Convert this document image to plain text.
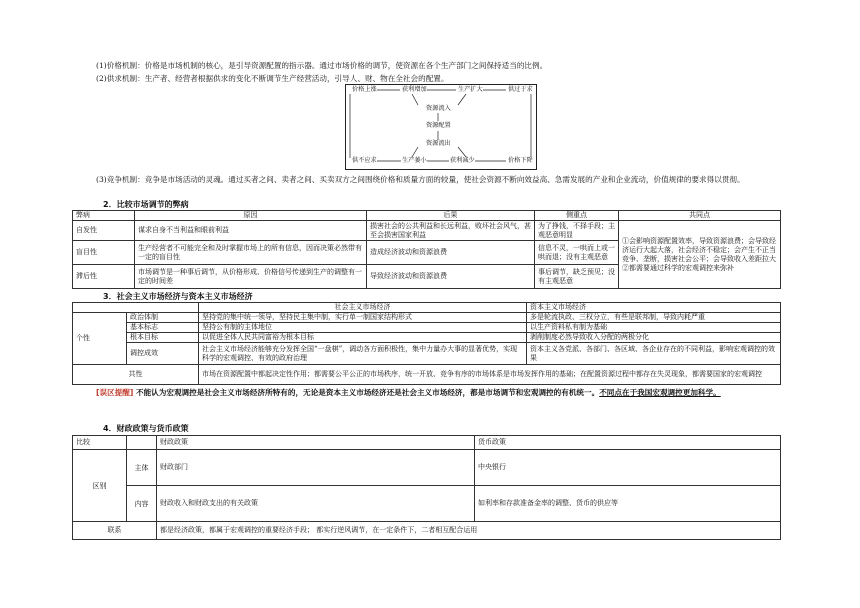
(1)价格机制：价格是市场机制的核心，是引导资源配置的指示器。通过市场价格的调节，使资源在各个生产部门之间保持适当的比例。
(2)供求机制：生产者、经营者根据供求的变化不断调节生产经营活动，引导人、财、物在全社会的配置。
价格上涨	获利增加	生产扩大	供过于求
资源流入
资源配置
资源流出
供不应求	生产萎小	获利减少	价格下降
(3)竞争机制：竞争是市场活动的灵魂。通过买者之间、卖者之间、买卖双方之间围绕价格和质量方面的较量，使社会资源不断向效益高、急需发展的产业和企业流动，价值规律的要求得以贯彻。
2．比较市场调节的弊病
弊病	原因	后果	侧重点	共同点
自发性	谋求自身不当利益和眼前利益	损害社会的公共利益和长远利益，败坏社会风气，甚至会损害国家利益	为了挣钱，不择手段；主观恶意明显	①会影响资源配置效率，导致资源浪费；会导致经济运行大起大落，社会经济不稳定；会产生不正当竞争、垄断，损害社会公平；会导致收入差距拉大
②都需要通过科学的宏观调控来弥补
盲目性	生产经营者不可能完全和及时掌握市场上的所有信息，因而决策必然带有一定的盲目性	造成经济波动和资源浪费	信息不灵，一哄而上或一哄而退；没有主观恶意	
滞后性	市场调节是一种事后调节，从价格形成、价格信号传递到生产的调整有一定的时间差	导致经济波动和资源浪费	事后调节，缺乏预见；没有主观恶意	
3．社会主义市场经济与资本主义市场经济
		社会主义市场经济	资本主义市场经济
个性	政治体制	坚持党的集中统一领导，坚持民主集中制，实行单一制国家结构形式	多是轮流执政、三权分立，有些是联邦制，导致内耗严重
	基本标志	坚持公有制的主体地位	以生产资料私有制为基础
	根本目标	以促进全体人民共同富裕为根本目标	剥削制度必然导致收入分配的两极分化
	调控成效	社会主义市场经济能够充分发挥全国“一盘棋”，调动各方面积极性，集中力量办大事的显著优势，实现科学的宏观调控、有效的政府治理	资本主义各党派、各部门、各区域、各企业存在的不同利益，影响宏观调控的效果
共性		市场在资源配置中都起决定性作用；都需要公平公正的市场秩序，统一开放、竞争有序的市场体系是市场发挥作用的基础；在配置资源过程中都存在失灵现象，都需要国家的宏观调控	
[误区提醒] 不能认为宏观调控是社会主义市场经济所特有的，无论是资本主义市场经济还是社会主义市场经济，都是市场调节和宏观调控的有机统一。不同点在于我国宏观调控更加科学。
4．财政政策与货币政策
比较		财政政策	货币政策
区别	主体	财政部门	中央银行
	内容	财政收入和财政支出的有关政策	如利率和存款准备金率的调整、货币的供应等
联系		都是经济政策，都属于宏观调控的重要经济手段； 都实行逆风调节，在一定条件下，二者相互配合运用	
